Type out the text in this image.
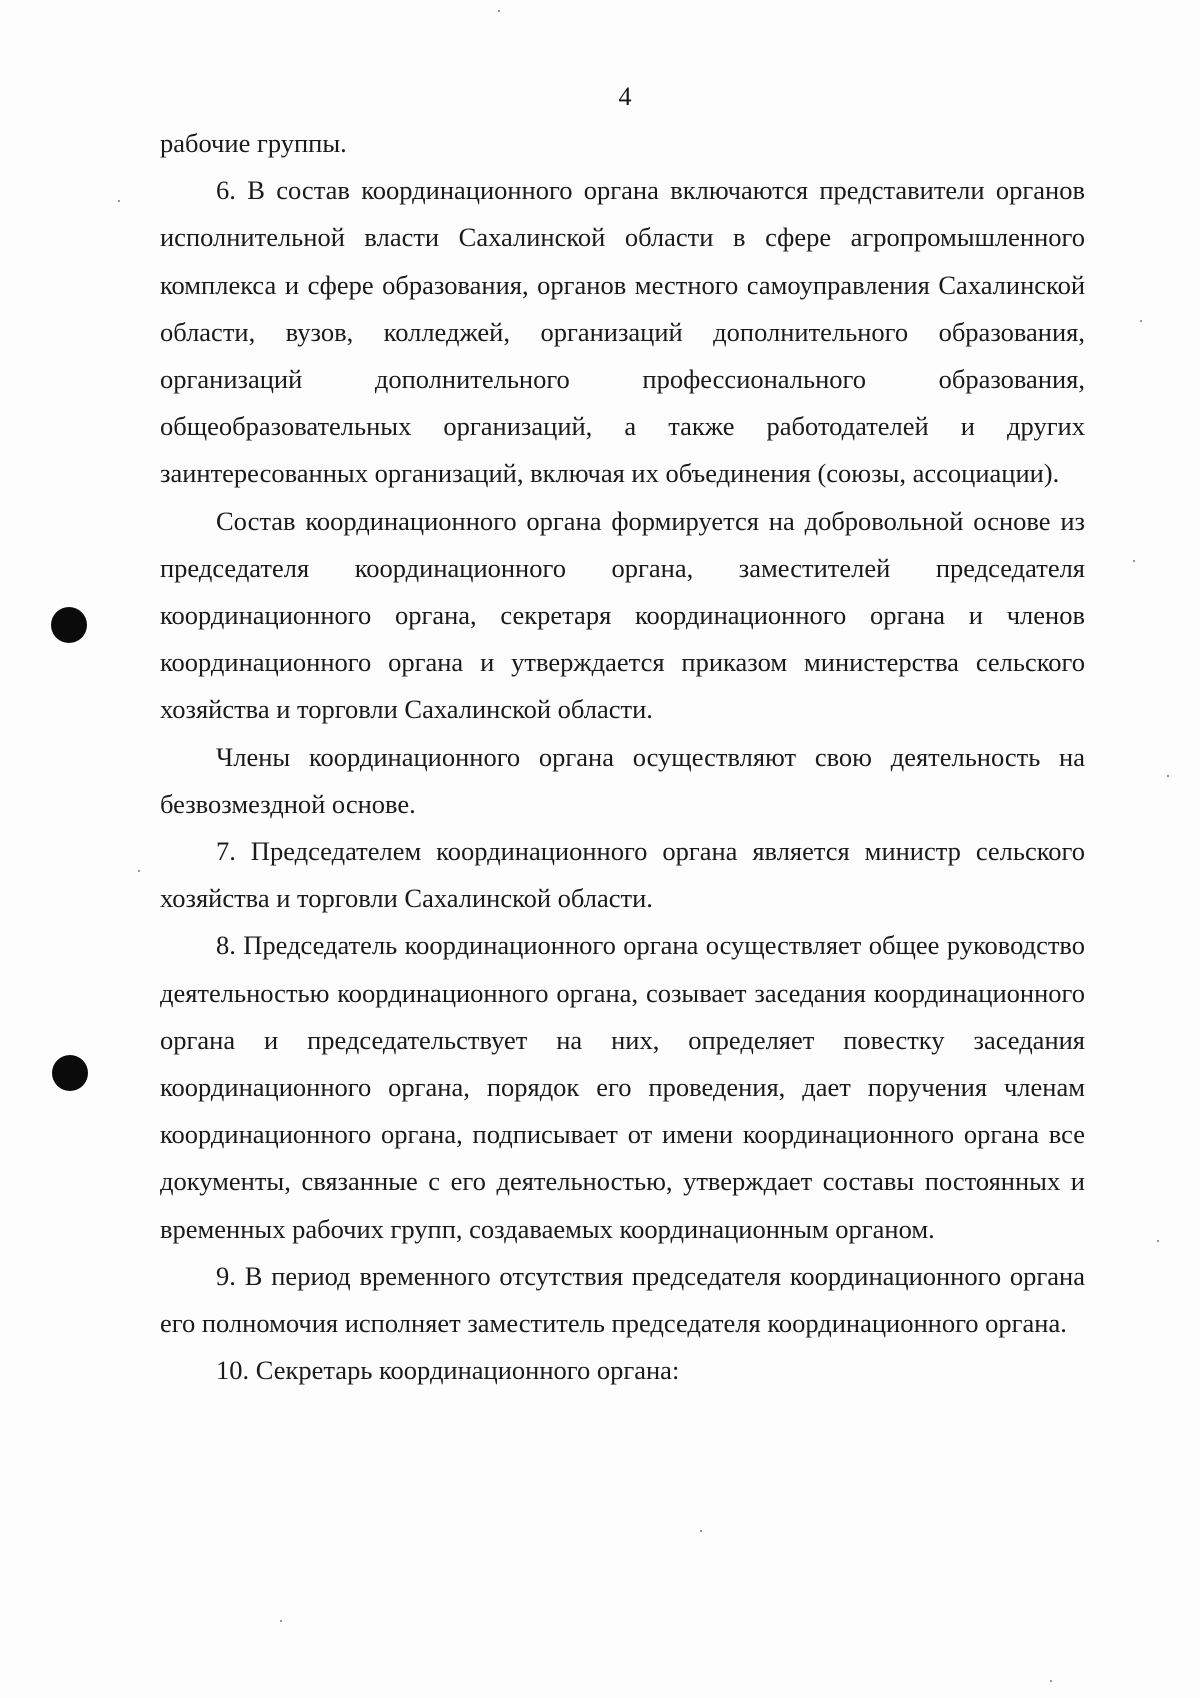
4

рабочие группы.

6. В состав координационного органа включаются представители органов исполнительной власти Сахалинской области в сфере агропромышленного комплекса и сфере образования, органов местного самоуправления Сахалинской области, вузов, колледжей, организаций дополнительного образования, организаций дополнительного профессионального образования, общеобразовательных организаций, а также работодателей и других заинтересованных организаций, включая их объединения (союзы, ассоциации).

Состав координационного органа формируется на добровольной основе из председателя координационного органа, заместителей председателя координационного органа, секретаря координационного органа и членов координационного органа и утверждается приказом министерства сельского хозяйства и торговли Сахалинской области.

Члены координационного органа осуществляют свою деятельность на безвозмездной основе.

7. Председателем координационного органа является министр сельского хозяйства и торговли Сахалинской области.

8. Председатель координационного органа осуществляет общее руководство деятельностью координационного органа, созывает заседания координационного органа и председательствует на них, определяет повестку заседания координационного органа, порядок его проведения, дает поручения членам координационного органа, подписывает от имени координационного органа все документы, связанные с его деятельностью, утверждает составы постоянных и временных рабочих групп, создаваемых координационным органом.

9. В период временного отсутствия председателя координационного органа его полномочия исполняет заместитель председателя координационного органа.

10. Секретарь координационного органа:
